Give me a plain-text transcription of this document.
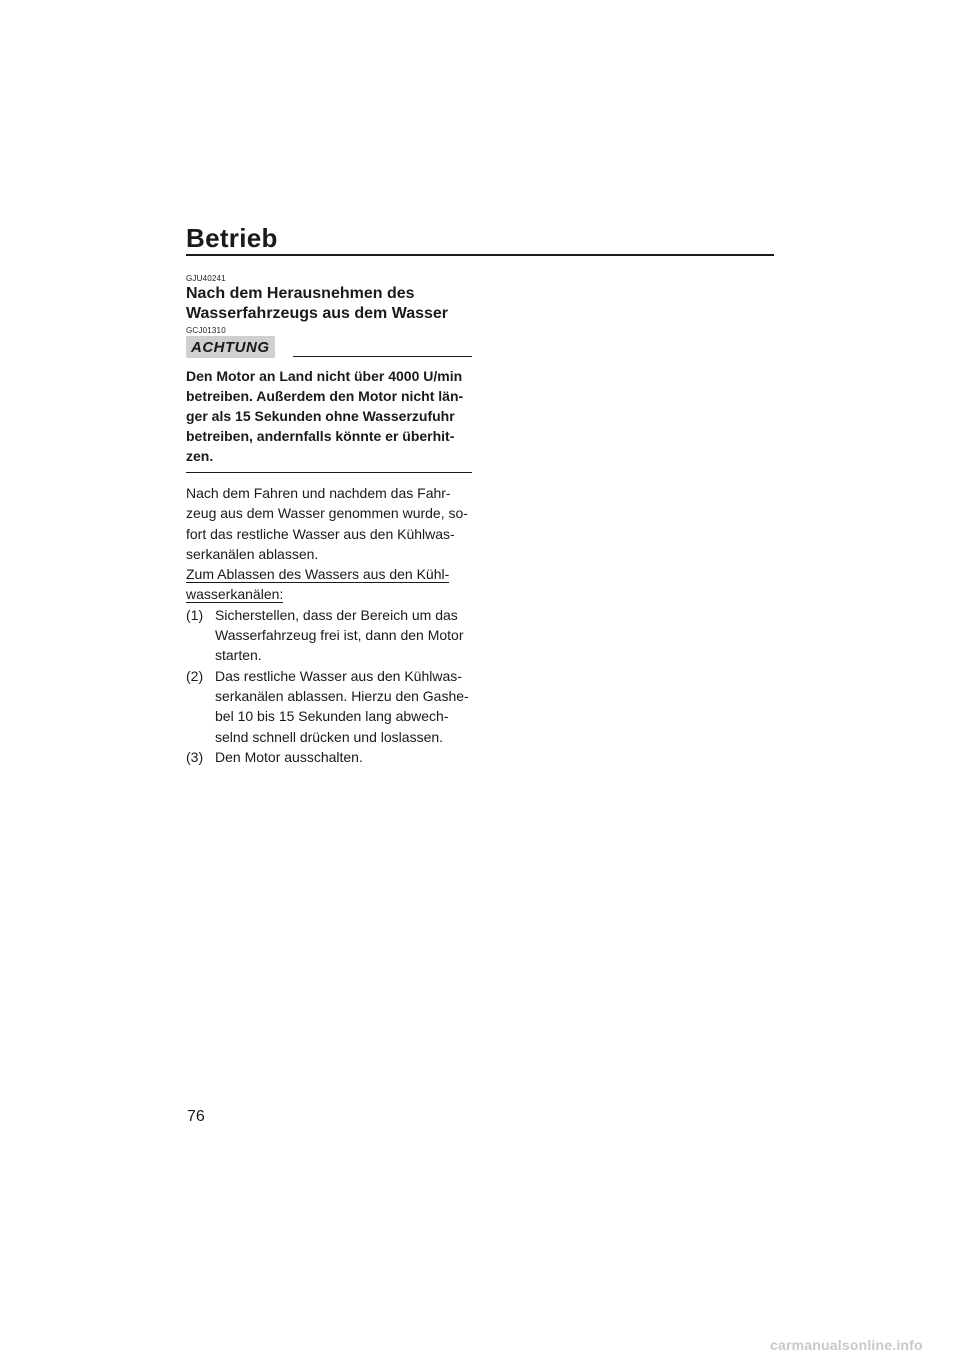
Betrieb
GJU40241
Nach dem Herausnehmen des
Wasserfahrzeugs aus dem Wasser
GCJ01310
ACHTUNG
Den Motor an Land nicht über 4000 U/min
betreiben. Außerdem den Motor nicht län-
ger als 15 Sekunden ohne Wasserzufuhr
betreiben, andernfalls könnte er überhit-
zen.
Nach dem Fahren und nachdem das Fahr-
zeug aus dem Wasser genommen wurde, so-
fort das restliche Wasser aus den Kühlwas-
serkanälen ablassen.
Zum Ablassen des Wassers aus den Kühl-
wasserkanälen:
(1) Sicherstellen, dass der Bereich um das
Wasserfahrzeug frei ist, dann den Motor
starten.
(2) Das restliche Wasser aus den Kühlwas-
serkanälen ablassen. Hierzu den Gashe-
bel 10 bis 15 Sekunden lang abwech-
selnd schnell drücken und loslassen.
(3) Den Motor ausschalten.
76
carmanualsonline.info
